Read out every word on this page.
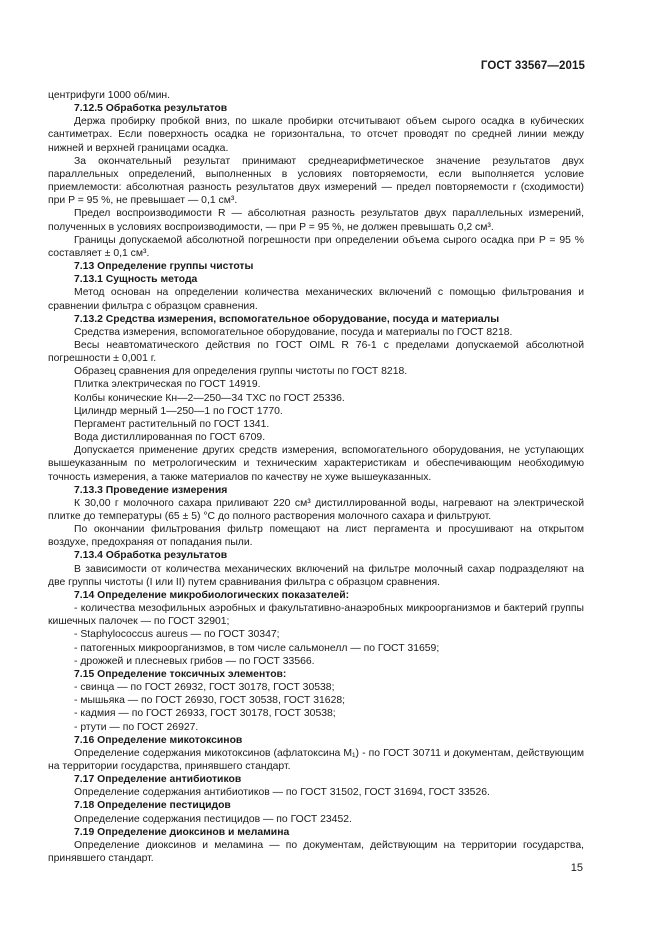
ГОСТ 33567—2015

центрифуги 1000 об/мин.

7.12.5 Обработка результатов

Держа пробирку пробкой вниз, по шкале пробирки отсчитывают объем сырого осадка в кубических сантиметрах. Если поверхность осадка не горизонтальна, то отсчет проводят по средней линии между нижней и верхней границами осадка.

За окончательный результат принимают среднеарифметическое значение результатов двух параллельных определений, выполненных в условиях повторяемости, если выполняется условие приемлемости: абсолютная разность результатов двух измерений — предел повторяемости r (сходимости) при P = 95 %, не превышает — 0,1 см³.

Предел воспроизводимости R — абсолютная разность результатов двух параллельных измерений, полученных в условиях воспроизводимости, — при P = 95 %, не должен превышать 0,2 см³.

Границы допускаемой абсолютной погрешности при определении объема сырого осадка при P = 95 % составляет ± 0,1 см³.

7.13 Определение группы чистоты

7.13.1 Сущность метода

Метод основан на определении количества механических включений с помощью фильтрования и сравнении фильтра с образцом сравнения.

7.13.2 Средства измерения, вспомогательное оборудование, посуда и материалы

Средства измерения, вспомогательное оборудование, посуда и материалы по ГОСТ 8218.

Весы неавтоматического действия по ГОСТ OIML R 76-1 с пределами допускаемой абсолютной погрешности ± 0,001 г.

Образец сравнения для определения группы чистоты по ГОСТ 8218.

Плитка электрическая по ГОСТ 14919.

Колбы конические Кн—2—250—34 ТХС по ГОСТ 25336.

Цилиндр мерный 1—250—1 по ГОСТ 1770.

Пергамент растительный по ГОСТ 1341.

Вода дистиллированная по ГОСТ 6709.

Допускается применение других средств измерения, вспомогательного оборудования, не уступающих вышеуказанным по метрологическим и техническим характеристикам и обеспечивающим необходимую точность измерения, а также материалов по качеству не хуже вышеуказанных.

7.13.3 Проведение измерения

К 30,00 г молочного сахара приливают 220 см³ дистиллированной воды, нагревают на электрической плитке до температуры (65 ± 5) °С до полного растворения молочного сахара и фильтруют.

По окончании фильтрования фильтр помещают на лист пергамента и просушивают на открытом воздухе, предохраняя от попадания пыли.

7.13.4 Обработка результатов

В зависимости от количества механических включений на фильтре молочный сахар подразделяют на две группы чистоты (I или II) путем сравнивания фильтра с образцом сравнения.

7.14 Определение микробиологических показателей:

- количества мезофильных аэробных и факультативно-анаэробных микроорганизмов и бактерий группы кишечных палочек — по ГОСТ 32901;

- Staphylococcus aureus — по ГОСТ 30347;

- патогенных микроорганизмов, в том числе сальмонелл — по ГОСТ 31659;

- дрожжей и плесневых грибов — по ГОСТ 33566.

7.15 Определение токсичных элементов:

- свинца — по ГОСТ 26932, ГОСТ 30178, ГОСТ 30538;

- мышьяка — по ГОСТ 26930, ГОСТ 30538, ГОСТ 31628;

- кадмия — по ГОСТ 26933, ГОСТ 30178, ГОСТ 30538;

- ртути — по ГОСТ 26927.

7.16 Определение микотоксинов

Определение содержания микотоксинов (афлатоксина M₁) - по ГОСТ 30711 и документам, действующим на территории государства, принявшего стандарт.

7.17 Определение антибиотиков

Определение содержания антибиотиков — по ГОСТ 31502, ГОСТ 31694, ГОСТ 33526.

7.18 Определение пестицидов

Определение содержания пестицидов — по ГОСТ 23452.

7.19 Определение диоксинов и меламина

Определение диоксинов и меламина — по документам, действующим на территории государства, принявшего стандарт.

15
